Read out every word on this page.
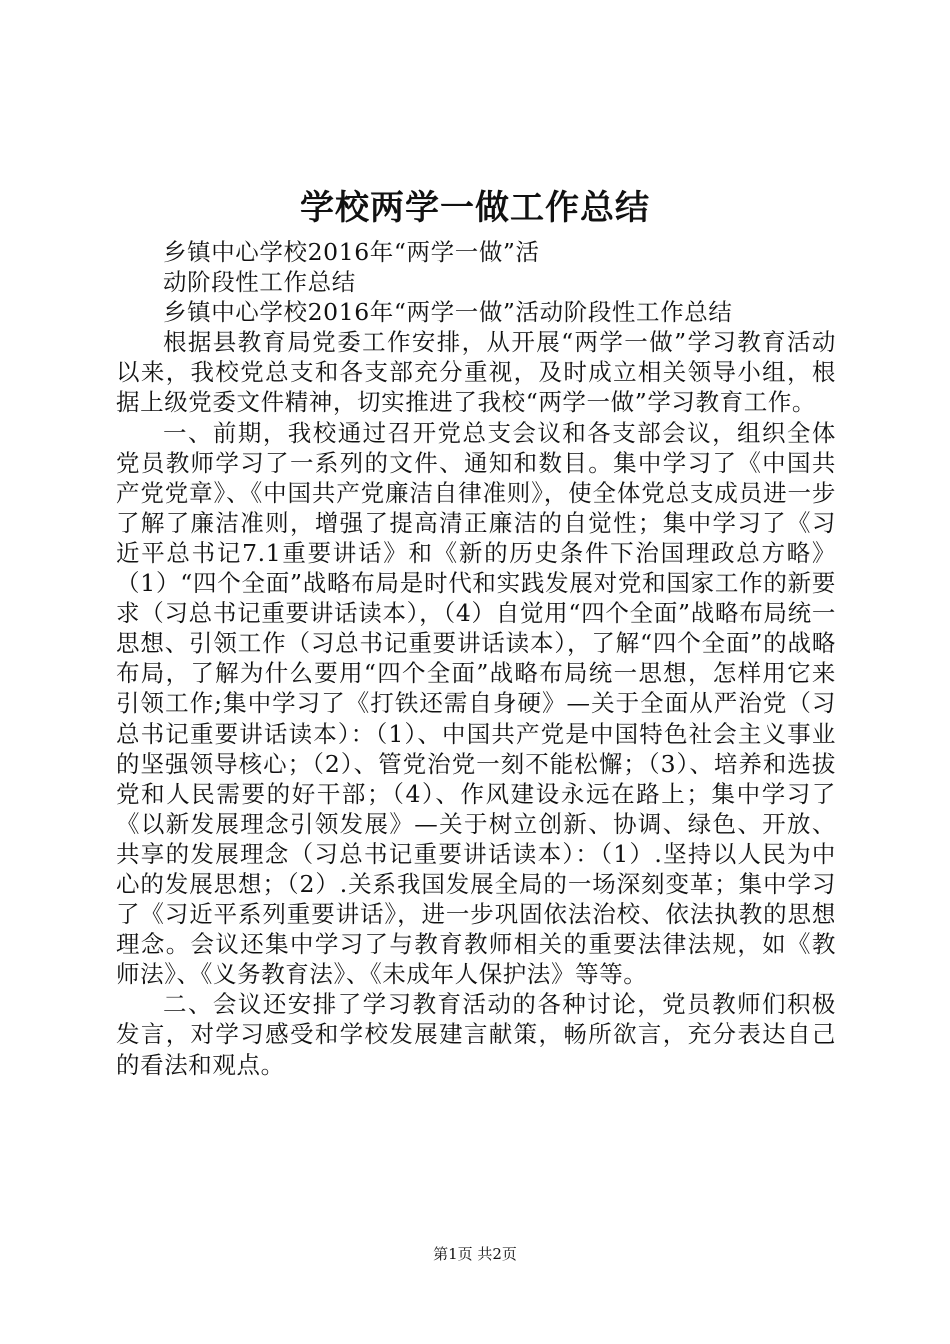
学校两学一做工作总结

乡镇中心学校2016年“两学一做”活

动阶段性工作总结

乡镇中心学校2016年“两学一做”活动阶段性工作总结

根据县教育局党委工作安排，从开展“两学一做”学习教育活动以来，我校党总支和各支部充分重视，及时成立相关领导小组，根据上级党委文件精神，切实推进了我校“两学一做”学习教育工作。

一、前期，我校通过召开党总支会议和各支部会议，组织全体党员教师学习了一系列的文件、通知和数目。集中学习了《中国共产党党章》、《中国共产党廉洁自律准则》，使全体党总支成员进一步了解了廉洁准则，增强了提高清正廉洁的自觉性；集中学习了《习近平总书记7.1重要讲话》和《新的历史条件下治国理政总方略》（1）“四个全面”战略布局是时代和实践发展对党和国家工作的新要求（习总书记重要讲话读本），（4）自觉用“四个全面”战略布局统一思想、引领工作（习总书记重要讲话读本），了解“四个全面”的战略布局，了解为什么要用“四个全面”战略布局统一思想，怎样用它来引领工作;集中学习了《打铁还需自身硬》—关于全面从严治党（习总书记重要讲话读本）：（1）、中国共产党是中国特色社会主义事业的坚强领导核心；（2）、管党治党一刻不能松懈；（3）、培养和选拔党和人民需要的好干部；（4）、作风建设永远在路上；集中学习了《以新发展理念引领发展》—关于树立创新、协调、绿色、开放、共享的发展理念（习总书记重要讲话读本）：（1）.坚持以人民为中心的发展思想；（2）.关系我国发展全局的一场深刻变革；集中学习了《习近平系列重要讲话》，进一步巩固依法治校、依法执教的思想理念。会议还集中学习了与教育教师相关的重要法律法规，如《教师法》、《义务教育法》、《未成年人保护法》等等。

二、会议还安排了学习教育活动的各种讨论，党员教师们积极发言，对学习感受和学校发展建言献策，畅所欲言，充分表达自己的看法和观点。

第1页 共2页
